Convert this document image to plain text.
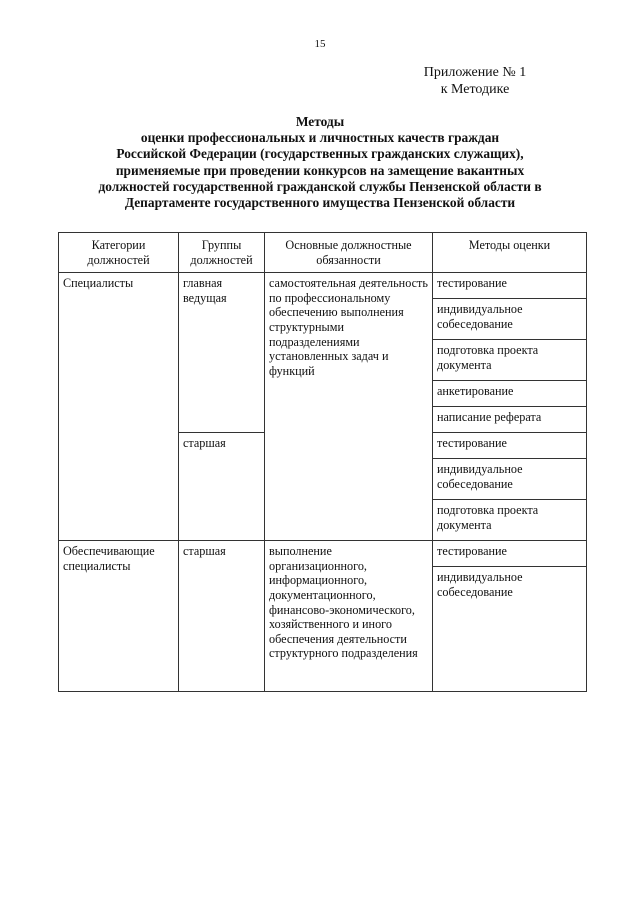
15
Приложение № 1
к Методике
Методы
оценки профессиональных и личностных качеств граждан
Российской Федерации (государственных гражданских служащих),
применяемые при проведении конкурсов на замещение вакантных
должностей государственной гражданской службы Пензенской области в
Департаменте государственного имущества Пензенской области
Категории должностей	Группы должностей	Основные должностные обязанности	Методы оценки
Специалисты	главная ведущая	самостоятельная деятельность по профессиональному обеспечению выполнения структурными подразделениями установленных задач и функций	тестирование
			индивидуальное собеседование
			подготовка проекта документа
			анкетирование
			написание реферата
	старшая		тестирование
			индивидуальное собеседование
			подготовка проекта документа
Обеспечивающие специалисты	старшая	выполнение организационного, информационного, документационного, финансово-экономического, хозяйственного и иного обеспечения деятельности структурного подразделения	тестирование
			индивидуальное собеседование
